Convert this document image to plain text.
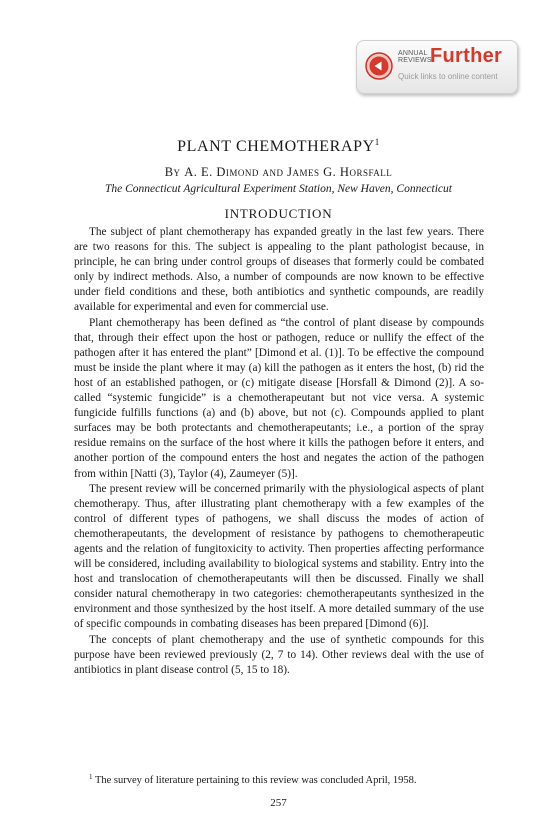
ANNUAL
REVIEWS
Further
Quick links to online content
PLANT CHEMOTHERAPY$^1$
By A. E. Dimond and James G. Horsfall
The Connecticut Agricultural Experiment Station, New Haven, Connecticut
INTRODUCTION

The subject of plant chemotherapy has expanded greatly in the last few years. There are two reasons for this. The subject is appealing to the plant pathologist because, in principle, he can bring under control groups of diseases that formerly could be combated only by indirect methods. Also, a number of compounds are now known to be effective under field conditions and these, both antibiotics and synthetic compounds, are readily available for experimental and even for commercial use.

Plant chemotherapy has been defined as “the control of plant disease by compounds that, through their effect upon the host or pathogen, reduce or nullify the effect of the pathogen after it has entered the plant” [Dimond et al. (1)]. To be effective the compound must be inside the plant where it may (a) kill the pathogen as it enters the host, (b) rid the host of an established pathogen, or (c) mitigate disease [Horsfall & Dimond (2)]. A so-called “systemic fungicide” is a chemotherapeutant but not vice versa. A systemic fungicide fulfills functions (a) and (b) above, but not (c). Compounds applied to plant surfaces may be both protectants and chemotherapeutants; i.e., a portion of the spray residue remains on the surface of the host where it kills the pathogen before it enters, and another portion of the compound enters the host and negates the action of the pathogen from within [Natti (3), Taylor (4), Zaumeyer (5)].

The present review will be concerned primarily with the physiological aspects of plant chemotherapy. Thus, after illustrating plant chemotherapy with a few examples of the control of different types of pathogens, we shall discuss the modes of action of chemotherapeutants, the development of resistance by pathogens to chemotherapeutic agents and the relation of fungitoxicity to activity. Then properties affecting performance will be considered, including availability to biological systems and stability. Entry into the host and translocation of chemotherapeutants will then be discussed. Finally we shall consider natural chemotherapy in two categories: chemotherapeutants synthesized in the environment and those synthesized by the host itself. A more detailed summary of the use of specific compounds in combating diseases has been prepared [Dimond (6)].

The concepts of plant chemotherapy and the use of synthetic compounds for this purpose have been reviewed previously (2, 7 to 14). Other reviews deal with the use of antibiotics in plant disease control (5, 15 to 18).

$^1$ The survey of literature pertaining to this review was concluded April, 1958.
257
